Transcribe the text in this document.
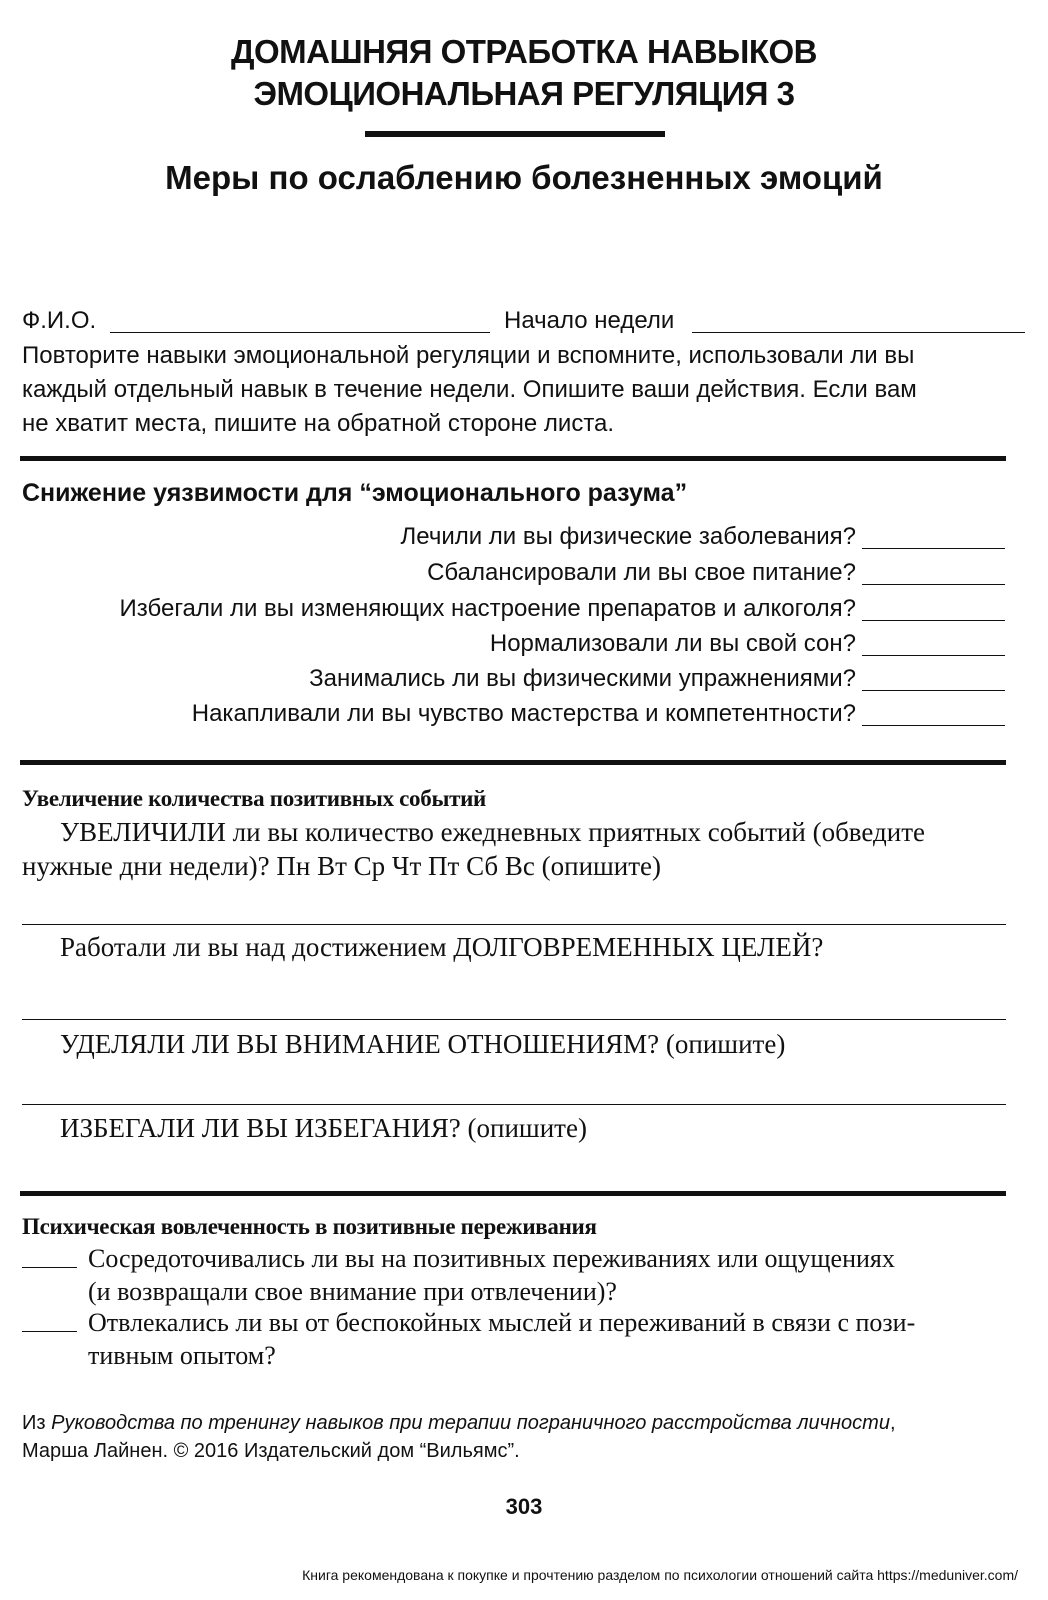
ДОМАШНЯЯ ОТРАБОТКА НАВЫКОВ
ЭМОЦИОНАЛЬНАЯ РЕГУЛЯЦИЯ 3
Меры по ослаблению болезненных эмоций
Ф.И.О.	Начало недели
Повторите навыки эмоциональной регуляции и вспомните, использовали ли вы
каждый отдельный навык в течение недели. Опишите ваши действия. Если вам
не хватит места, пишите на обратной стороне листа.
Снижение уязвимости для “эмоционального разума”
Лечили ли вы физические заболевания?
Сбалансировали ли вы свое питание?
Избегали ли вы изменяющих настроение препаратов и алкоголя?
Нормализовали ли вы свой сон?
Занимались ли вы физическими упражнениями?
Накапливали ли вы чувство мастерства и компетентности?
Увеличение количества позитивных событий
УВЕЛИЧИЛИ ли вы количество ежедневных приятных событий (обведите
нужные дни недели)? Пн Вт Ср Чт Пт Сб Вс (опишите)
Работали ли вы над достижением ДОЛГОВРЕМЕННЫХ ЦЕЛЕЙ?
УДЕЛЯЛИ ЛИ ВЫ ВНИМАНИЕ ОТНОШЕНИЯМ? (опишите)
ИЗБЕГАЛИ ЛИ ВЫ ИЗБЕГАНИЯ? (опишите)
Психическая вовлеченность в позитивные переживания
Сосредоточивались ли вы на позитивных переживаниях или ощущениях
(и возвращали свое внимание при отвлечении)?
Отвлекались ли вы от беспокойных мыслей и переживаний в связи с пози-
тивным опытом?
Из Руководства по тренингу навыков при терапии пограничного расстройства личности,
Марша Лайнен. © 2016 Издательский дом “Вильямс”.
303
Книга рекомендована к покупке и прочтению разделом по психологии отношений сайта https://meduniver.com/
